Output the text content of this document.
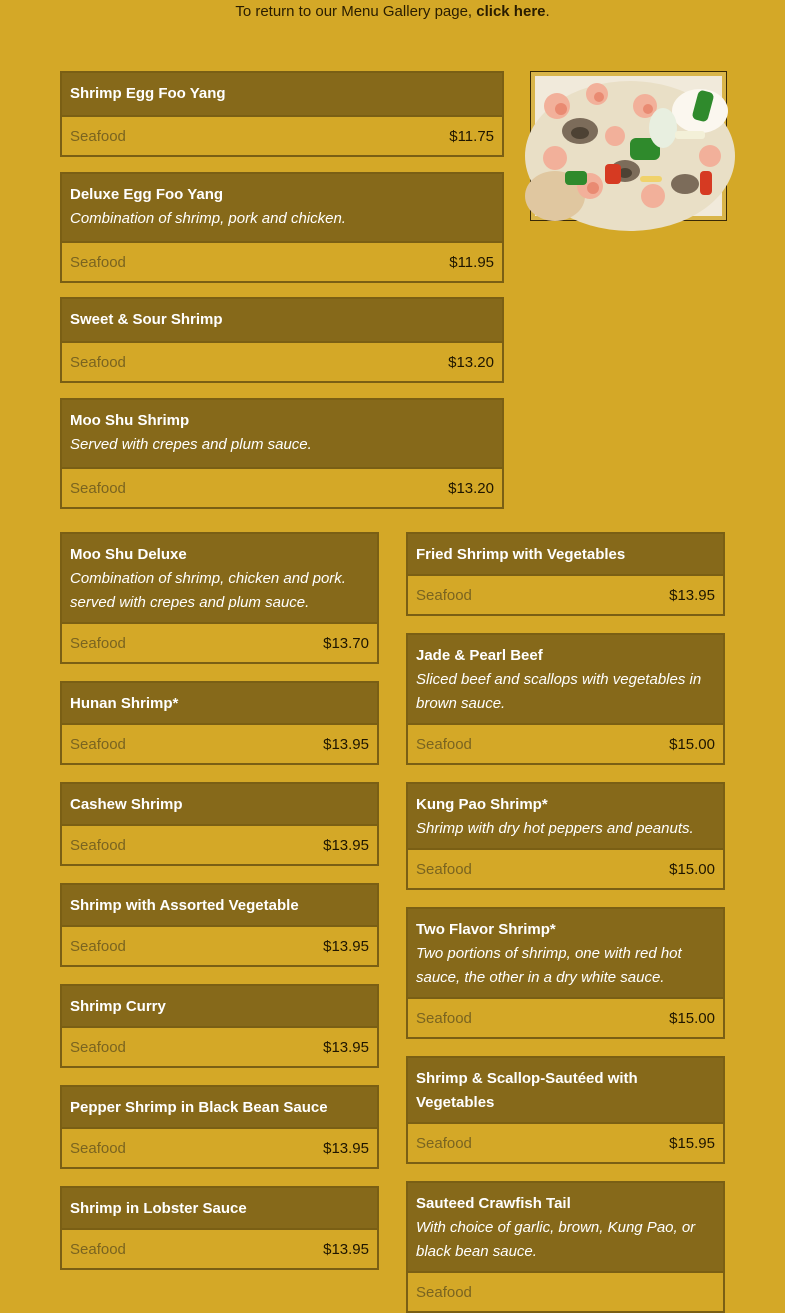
To return to our Menu Gallery page, click here.
Shrimp Egg Foo Yang
Seafood	$11.75
Deluxe Egg Foo Yang
Combination of shrimp, pork and chicken.
Seafood	$11.95
Sweet & Sour Shrimp
Seafood	$13.20
Moo Shu Shrimp
Served with crepes and plum sauce.
Seafood	$13.20
Moo Shu Deluxe
Combination of shrimp, chicken and pork. served with crepes and plum sauce.
Seafood	$13.70
Hunan Shrimp*
Seafood	$13.95
Cashew Shrimp
Seafood	$13.95
Shrimp with Assorted Vegetable
Seafood	$13.95
Shrimp Curry
Seafood	$13.95
Pepper Shrimp in Black Bean Sauce
Seafood	$13.95
Shrimp in Lobster Sauce
Seafood	$13.95
Fried Shrimp with Vegetables
Seafood	$13.95
Jade & Pearl Beef
Sliced beef and scallops with vegetables in brown sauce.
Seafood	$15.00
Kung Pao Shrimp*
Shrimp with dry hot peppers and peanuts.
Seafood	$15.00
Two Flavor Shrimp*
Two portions of shrimp, one with red hot sauce, the other in a dry white sauce.
Seafood	$15.00
Shrimp & Scallop-Sautéed with Vegetables
Seafood	$15.95
Sauteed Crawfish Tail
With choice of garlic, brown, Kung Pao, or black bean sauce.
Seafood
